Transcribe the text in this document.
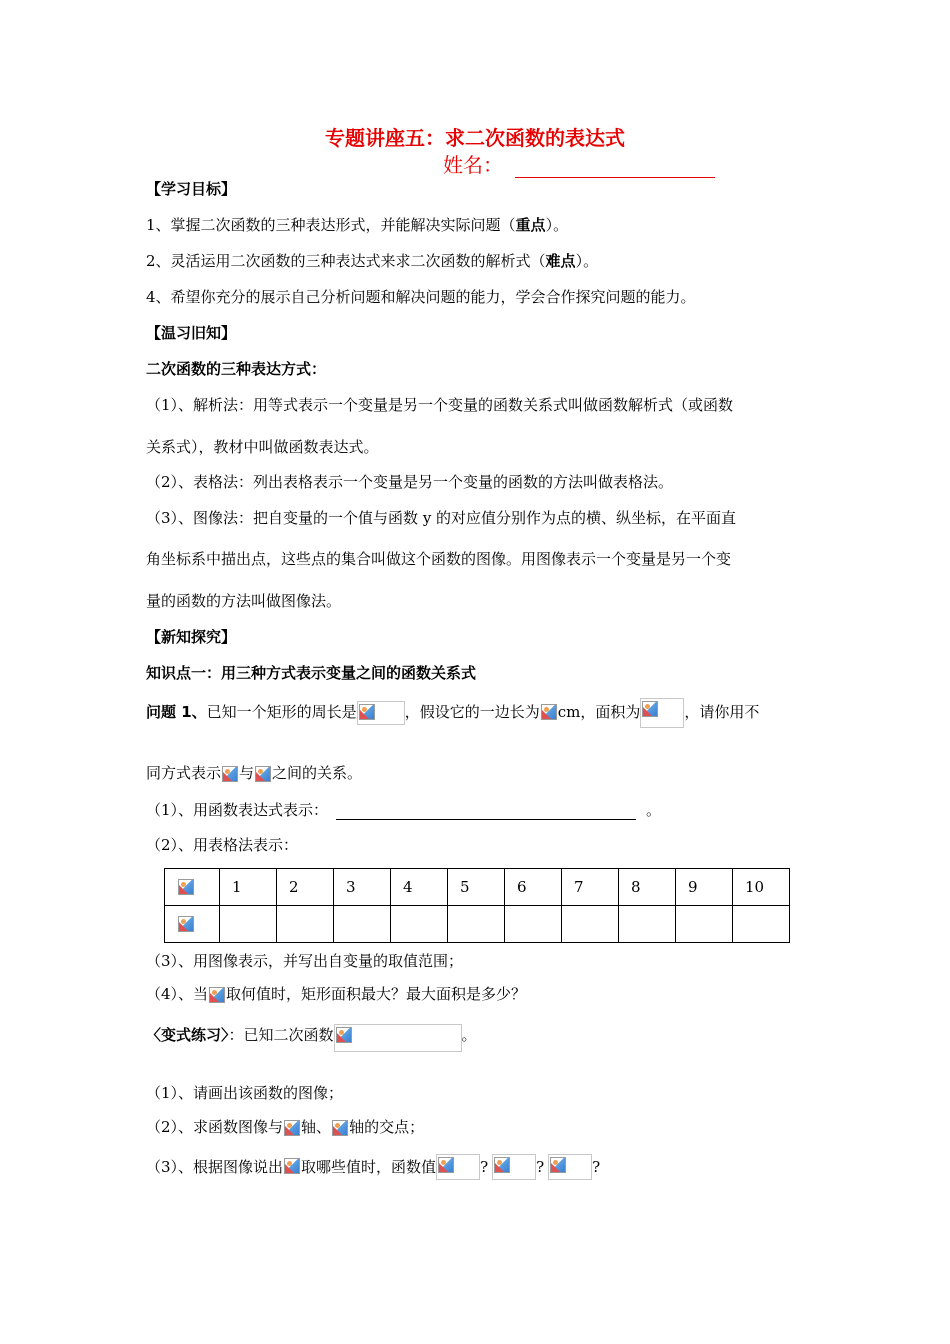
专题讲座五：求二次函数的表达式
姓名：
【学习目标】
1、掌握二次函数的三种表达形式，并能解决实际问题（重点）。
2、灵活运用二次函数的三种表达式来求二次函数的解析式（难点）。
4、希望你充分的展示自己分析问题和解决问题的能力，学会合作探究问题的能力。
【温习旧知】
二次函数的三种表达方式：
（1）、解析法：用等式表示一个变量是另一个变量的函数关系式叫做函数解析式（或函数
关系式），教材中叫做函数表达式。
（2）、表格法：列出表格表示一个变量是另一个变量的函数的方法叫做表格法。
（3）、图像法：把自变量的一个值与函数 y 的对应值分别作为点的横、纵坐标，在平面直
角坐标系中描出点，这些点的集合叫做这个函数的图像。用图像表示一个变量是另一个变
量的函数的方法叫做图像法。
【新知探究】
知识点一：用三种方式表示变量之间的函数关系式
问题 1、已知一个矩形的周长是	，假设它的一边长为 cm，面积为	，请你用不
同方式表示 与 之间的关系。
（1）、用函数表达式表示：	。
（2）、用表格法表示：
	1	2	3	4	5	6	7	8	9	10

（3）、用图像表示，并写出自变量的取值范围；
（4）、当 取何值时，矩形面积最大？最大面积是多少？
〈变式练习〉：已知二次函数	。
（1）、请画出该函数的图像；
（2）、求函数图像与 轴、 轴的交点；
（3）、根据图像说出 取哪些值时，函数值	?	?	?
